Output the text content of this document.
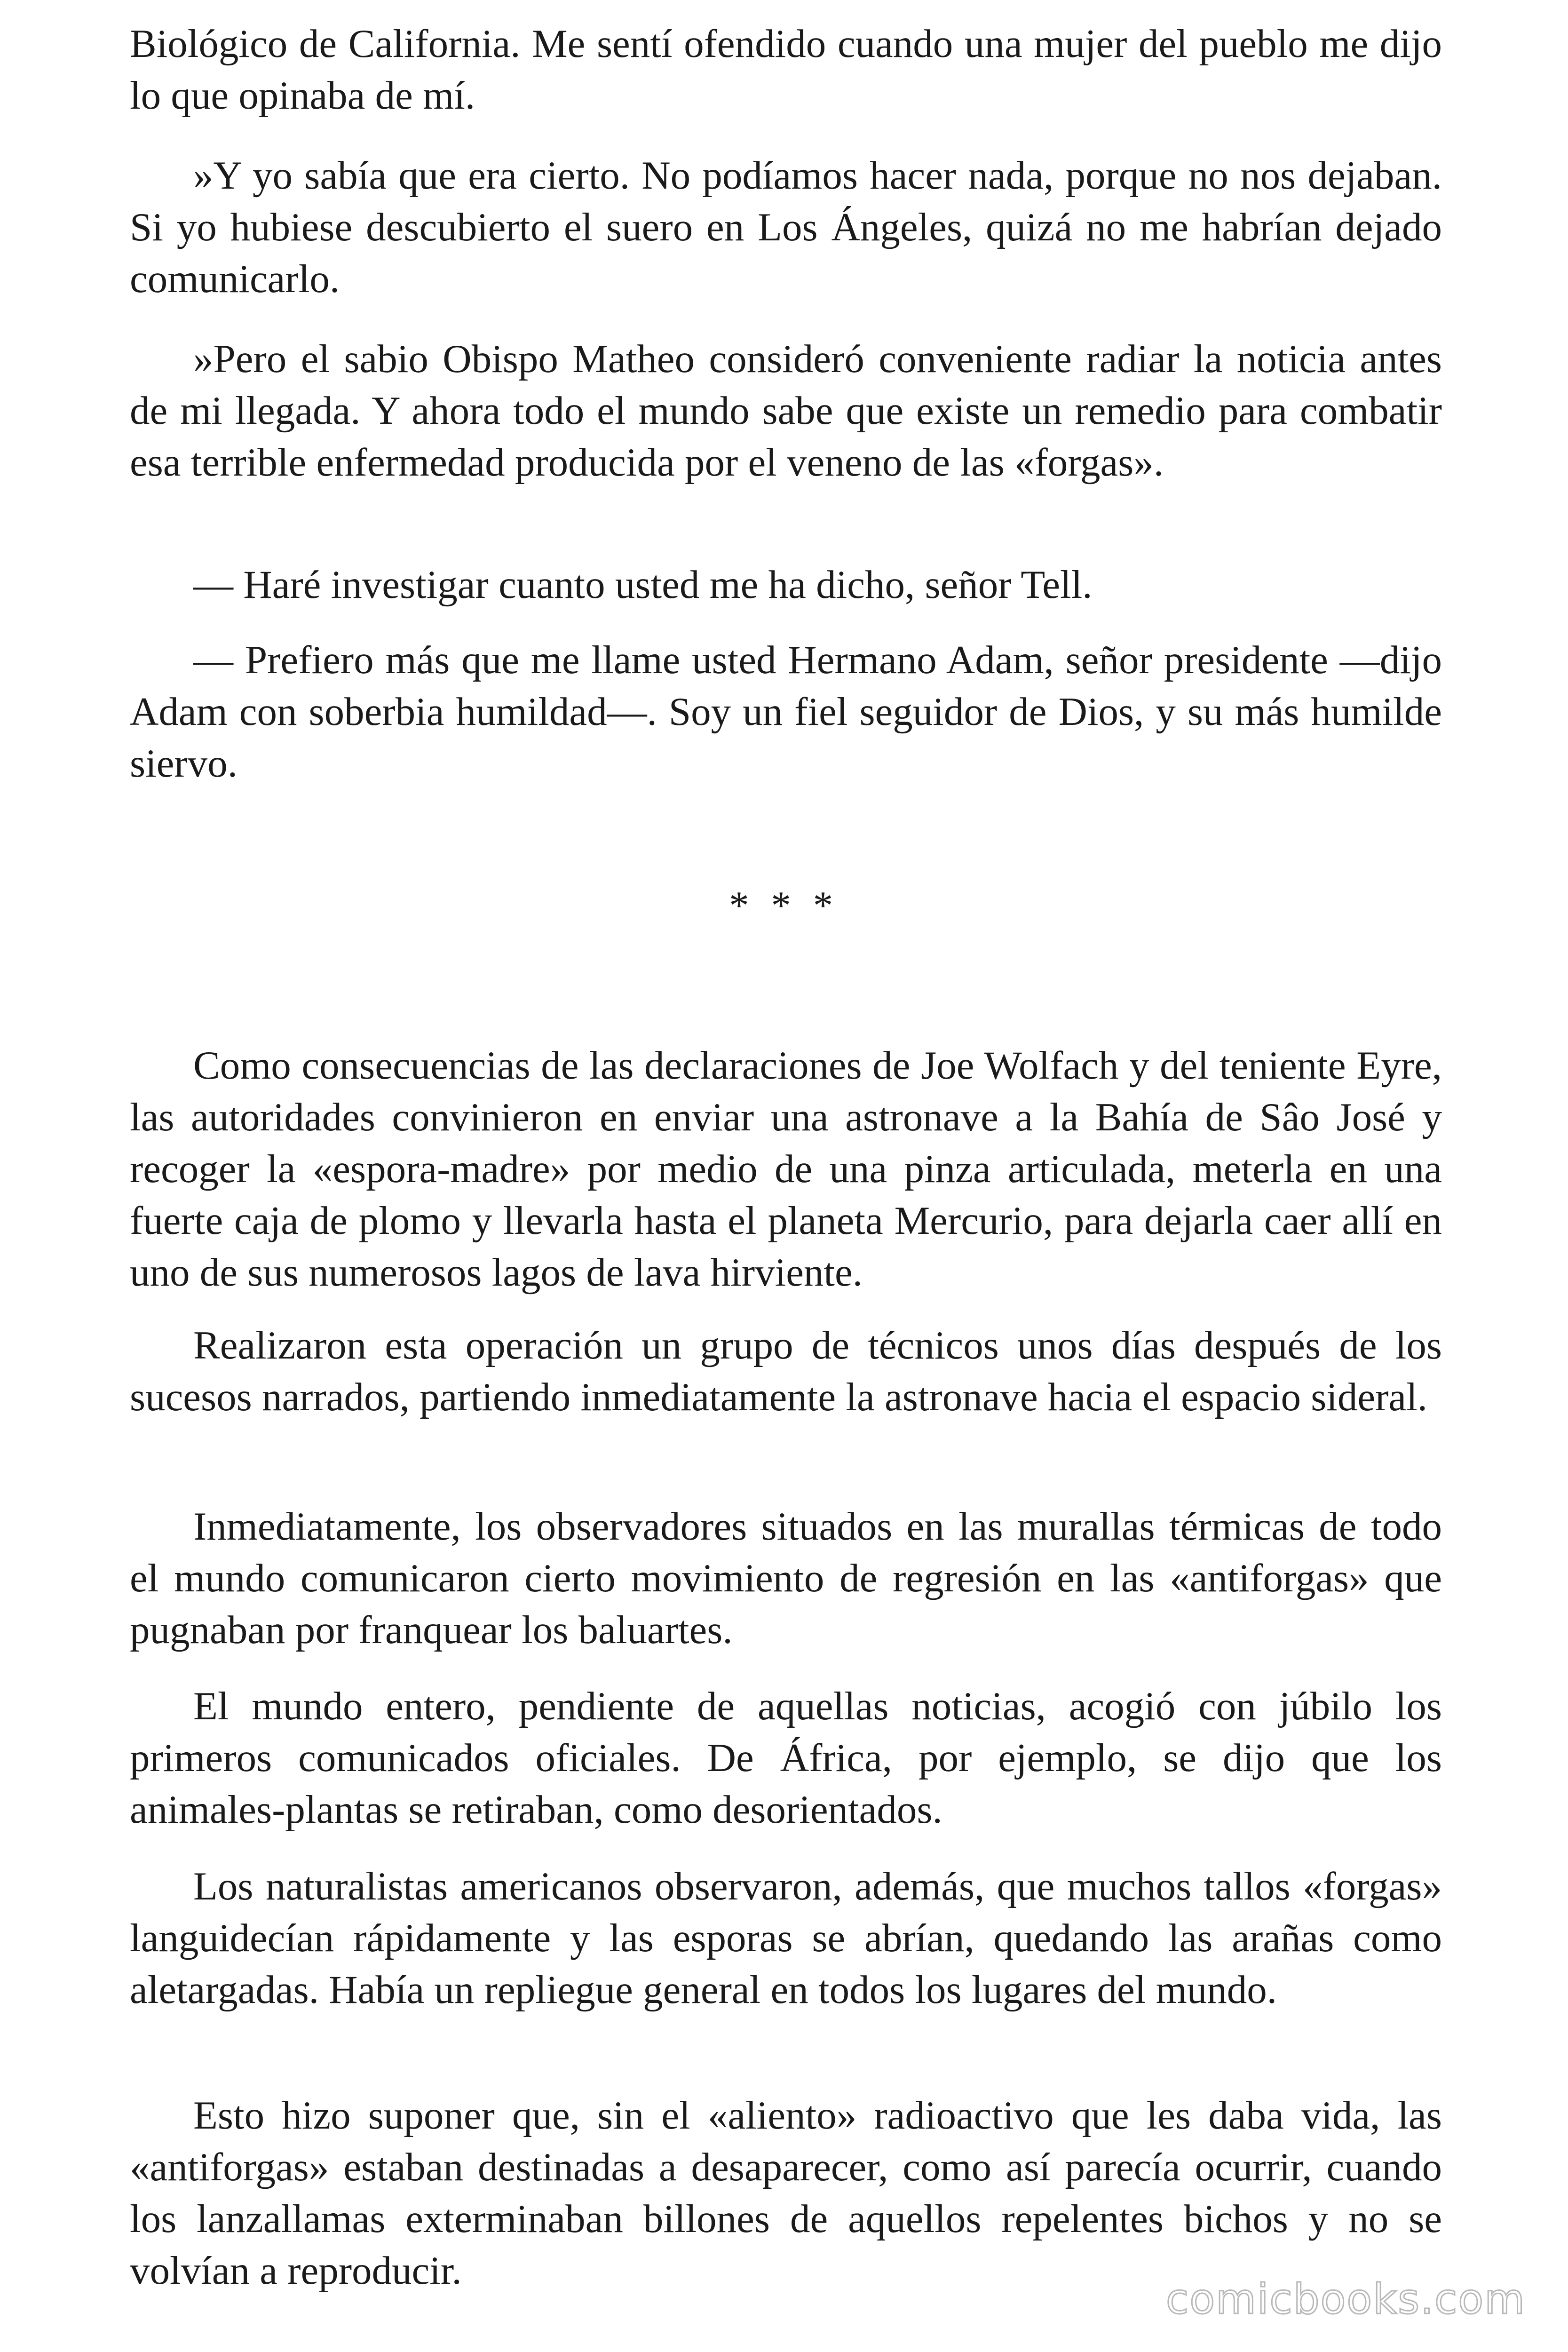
Biológico de California. Me sentí ofendido cuando una mujer del pueblo me dijo lo que opinaba de mí.

»Y yo sabía que era cierto. No podíamos hacer nada, porque no nos dejaban. Si yo hubiese descubierto el suero en Los Ángeles, quizá no me habrían dejado comunicarlo.

»Pero el sabio Obispo Matheo consideró conveniente radiar la noticia antes de mi llegada. Y ahora todo el mundo sabe que existe un remedio para combatir esa terrible enfermedad producida por el veneno de las «forgas».

— Haré investigar cuanto usted me ha dicho, señor Tell.

— Prefiero más que me llame usted Hermano Adam, señor presidente —dijo Adam con soberbia humildad—. Soy un fiel seguidor de Dios, y su más humilde siervo.

* * *

Como consecuencias de las declaraciones de Joe Wolfach y del teniente Eyre, las autoridades convinieron en enviar una astronave a la Bahía de Sâo José y recoger la «espora-madre» por medio de una pinza articulada, meterla en una fuerte caja de plomo y llevarla hasta el planeta Mercurio, para dejarla caer allí en uno de sus numerosos lagos de lava hirviente.

Realizaron esta operación un grupo de técnicos unos días después de los sucesos narrados, partiendo inmediatamente la astronave hacia el espacio sideral.

Inmediatamente, los observadores situados en las murallas térmicas de todo el mundo comunicaron cierto movimiento de regresión en las «antiforgas» que pugnaban por franquear los baluartes.

El mundo entero, pendiente de aquellas noticias, acogió con júbilo los primeros comunicados oficiales. De África, por ejemplo, se dijo que los animales-plantas se retiraban, como desorientados.

Los naturalistas americanos observaron, además, que muchos tallos «forgas» languidecían rápidamente y las esporas se abrían, quedando las arañas como aletargadas. Había un repliegue general en todos los lugares del mundo.

Esto hizo suponer que, sin el «aliento» radioactivo que les daba vida, las «antiforgas» estaban destinadas a desaparecer, como así parecía ocurrir, cuando los lanzallamas exterminaban billones de aquellos repelentes bichos y no se volvían a reproducir.

comicbooks.com
